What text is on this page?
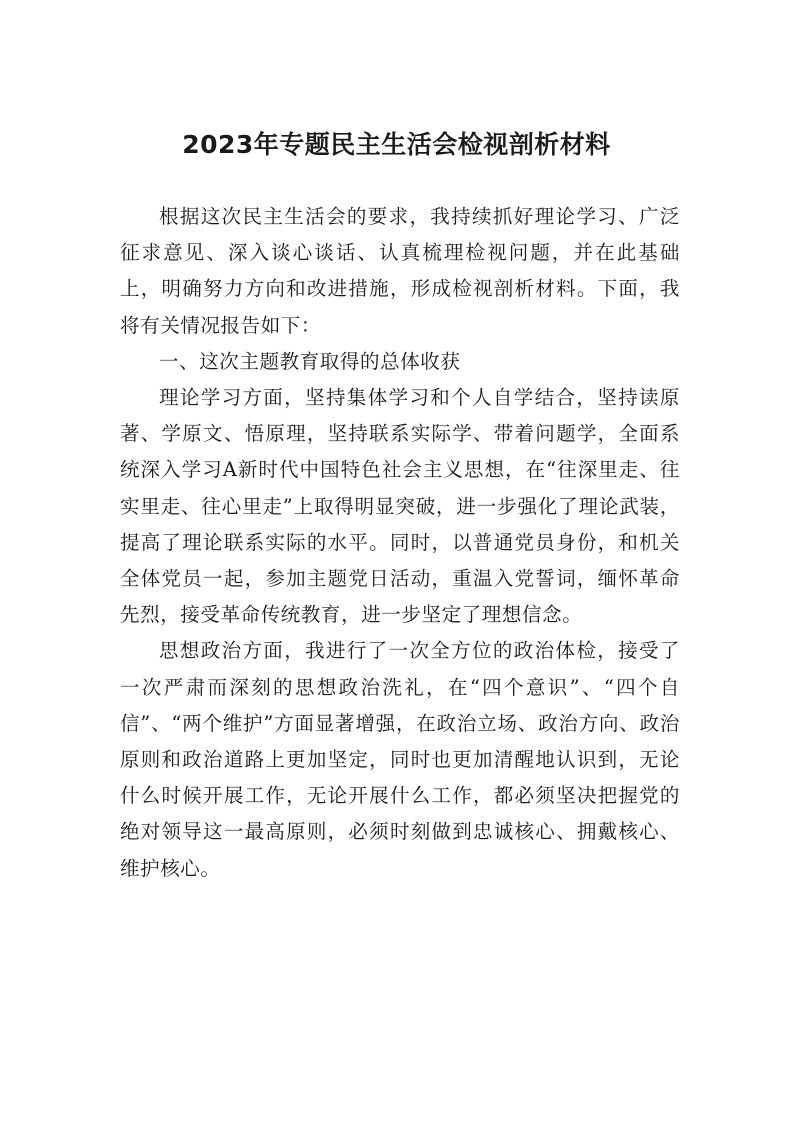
2023年专题民主生活会检视剖析材料

根据这次民主生活会的要求，我持续抓好理论学习、广泛征求意见、深入谈心谈话、认真梳理检视问题，并在此基础上，明确努力方向和改进措施，形成检视剖析材料。下面，我将有关情况报告如下：

一、这次主题教育取得的总体收获

理论学习方面，坚持集体学习和个人自学结合，坚持读原著、学原文、悟原理，坚持联系实际学、带着问题学，全面系统深入学习A新时代中国特色社会主义思想，在“往深里走、往实里走、往心里走”上取得明显突破，进一步强化了理论武装，提高了理论联系实际的水平。同时，以普通党员身份，和机关全体党员一起，参加主题党日活动，重温入党誓词，缅怀革命先烈，接受革命传统教育，进一步坚定了理想信念。

思想政治方面，我进行了一次全方位的政治体检，接受了一次严肃而深刻的思想政治洗礼，在“四个意识”、“四个自信”、“两个维护”方面显著增强，在政治立场、政治方向、政治原则和政治道路上更加坚定，同时也更加清醒地认识到，无论什么时候开展工作，无论开展什么工作，都必须坚决把握党的绝对领导这一最高原则，必须时刻做到忠诚核心、拥戴核心、维护核心。
